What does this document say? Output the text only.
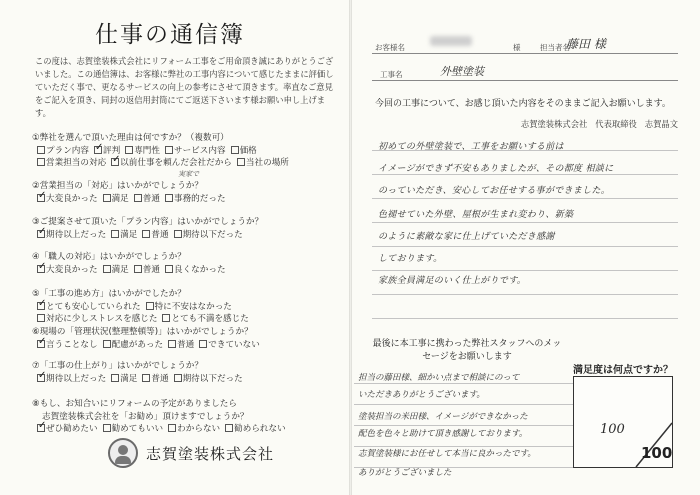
仕事の通信簿
この度は、志賀塗装株式会社にリフォーム工事をご用命頂き誠にありがとうございました。この通信簿は、お客様に弊社の工事内容について感じたままに評価していただく事で、更なるサービスの向上の参考にさせて頂きます。率直なご意見をご記入を頂き、同封の返信用封筒にてご返送下さいます様お願い申し上げます。
志賀塗装株式会社 代表取締役 志賀晶文
①弊社を選んで頂いた理由は何ですか？（複数可）
プラン内容 ✓ 評判 専門性 サービス内容 価格
営業担当の対応 ✓ 以前仕事を頼んだ会社だから 当社の場所
②営業担当の「対応」はいかがでしょうか？
✓大変良かった 満足 普通 事務的だった
③ご提案させて頂いた「プラン内容」はいかがでしょうか？
✓期待以上だった 満足 普通 期待以下だった
④「職人の対応」はいかがでしょうか？
✓大変良かった 満足 普通 良くなかった
⑤「工事の進め方」はいかがでしたか？
✓とても安心していられた 特に不安はなかった
対応に少しストレスを感じた とても不満を感じた
⑥現場の「管理状況(整理整頓等)」はいかがでしょうか？
✓言うことなし 配慮があった 普通 できていない
⑦「工事の仕上がり」はいかがでしょうか？
✓期待以上だった 満足 普通 期待以下だった
⑧もし、お知合いにリフォームの予定がありましたら
志賀塗装株式会社を「お勧め」頂けますでしょうか？
✓ぜひ勧めたい 勧めてもいい わからない 勧められない
実家で
志賀塗装株式会社
お客様名	様	担当者名
藤田 様
工事名	外壁塗装
今回の工事について、お感じ頂いた内容をそのままご記入お願いします。
初めての外壁塗装で、工事をお願いする前は
イメージができず不安もありましたが、その都度 相談に
のっていただき、安心してお任せする事ができました。
色褪せていた外壁、屋根が生まれ変わり、新築
のように素敵な家に仕上げていただき感謝
しております。
家族全員満足のいく仕上がりです。
最後に本工事に携わった弊社スタッフへのメッセージをお願いします
担当の藤田様、細かい点まで相談にのって
いただきありがとうございます。
塗装担当の米田様、イメージができなかった
配色を色々と助けて頂き感謝しております。
志賀塗装様にお任せして本当に良かったです。
ありがとうございました
満足度は何点ですか？
100
100
